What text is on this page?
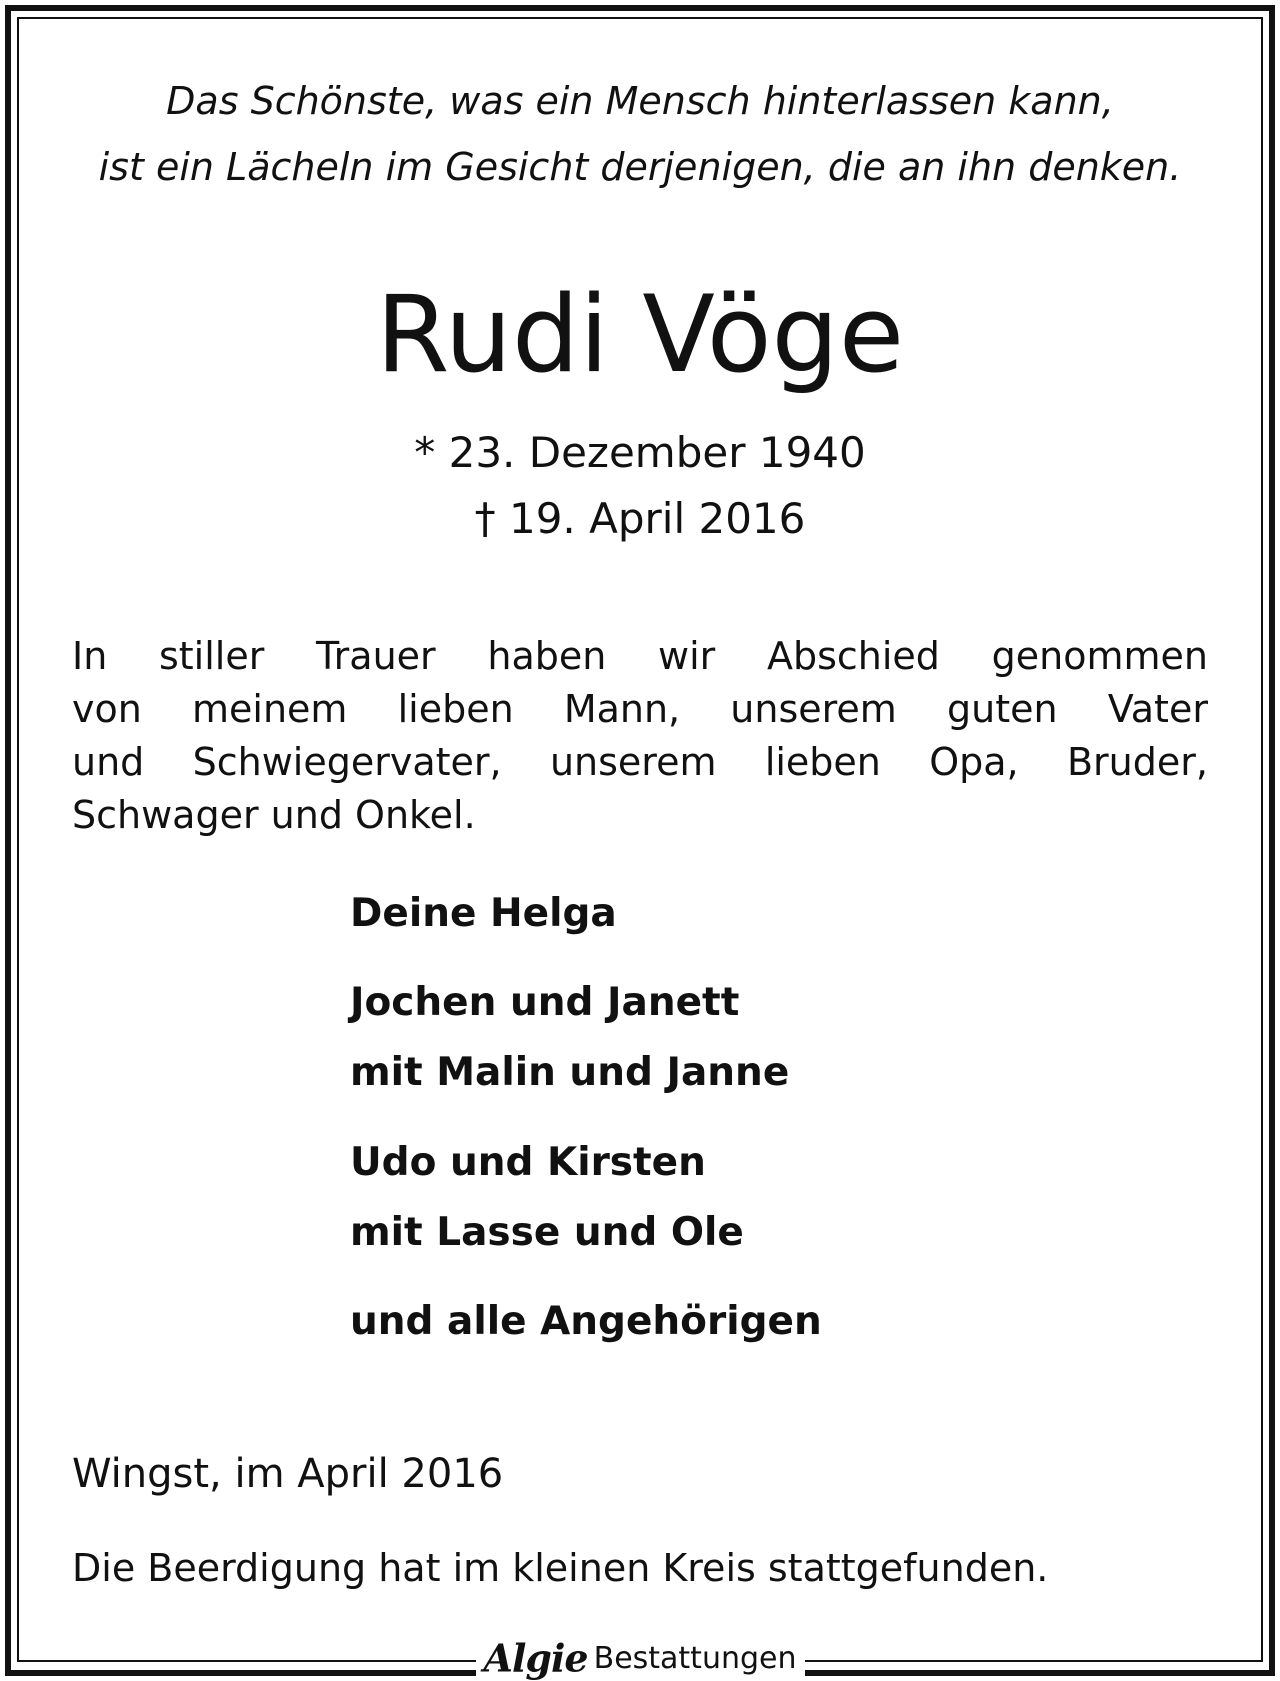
Das Schönste, was ein Mensch hinterlassen kann,
ist ein Lächeln im Gesicht derjenigen, die an ihn denken.
Rudi Vöge
* 23. Dezember 1940
† 19. April 2016
In stiller Trauer haben wir Abschied genommen
von meinem lieben Mann, unserem guten Vater
und Schwiegervater, unserem lieben Opa, Bruder,
Schwager und Onkel.
Deine Helga
Jochen und Janett
mit Malin und Janne
Udo und Kirsten
mit Lasse und Ole
und alle Angehörigen
Wingst, im April 2016
Die Beerdigung hat im kleinen Kreis stattgefunden.
Algie Bestattungen
